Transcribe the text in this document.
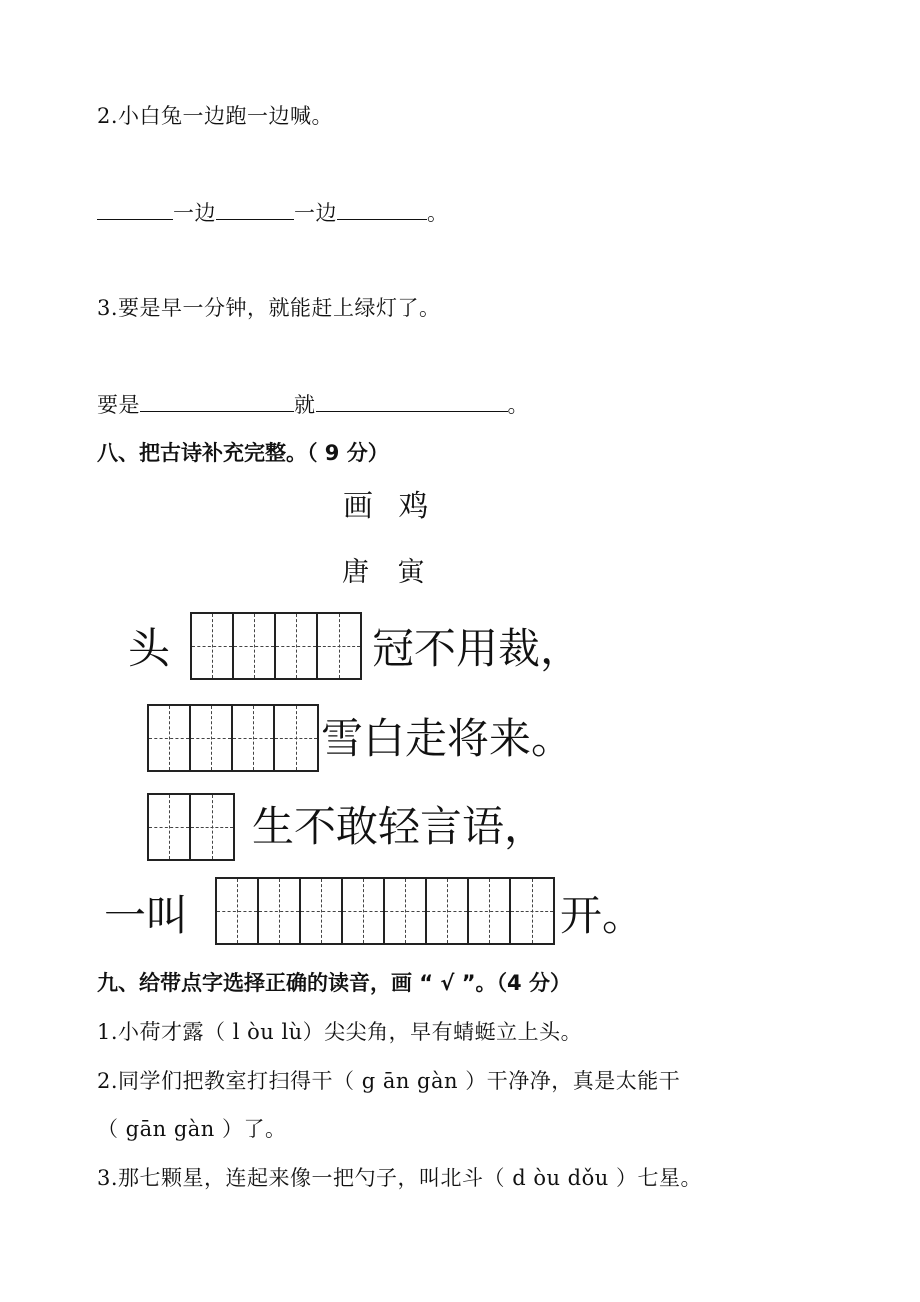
2.小白兔一边跑一边喊。
一边	一边	。
3.要是早一分钟，就能赶上绿灯了。
要是	就	。
八、把古诗补充完整。（ 9 分）
画 鸡
唐 寅
头	冠不用裁，
雪白走将来。
生不敢轻言语，
一叫	开。
九、给带点字选择正确的读音，画 “ √ ”。（4 分）
1.小荷才露（ l òu lù）尖尖角，早有蜻蜓立上头。
2.同学们把教室打扫得干（ g ān gàn ）干净净，真是太能干
（ gān gàn ）了。
3.那七颗星，连起来像一把勺子，叫北斗（ d òu dǒu ）七星。
